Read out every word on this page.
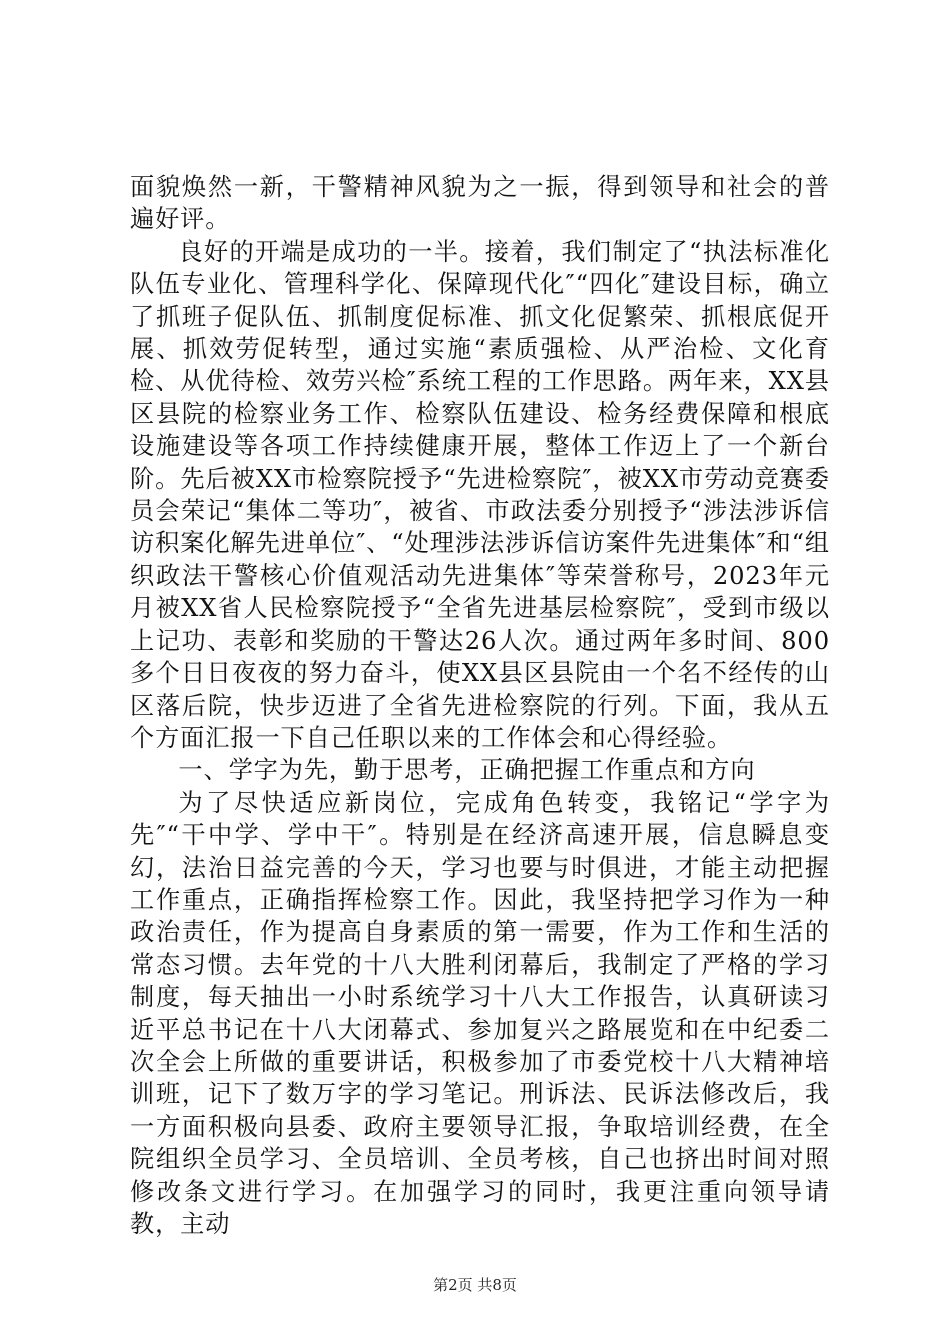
面貌焕然一新，干警精神风貌为之一振，得到领导和社会的普遍好评。

良好的开端是成功的一半。接着，我们制定了“执法标准化队伍专业化、管理科学化、保障现代化″“四化″建设目标，确立了抓班子促队伍、抓制度促标准、抓文化促繁荣、抓根底促开展、抓效劳促转型，通过实施“素质强检、从严治检、文化育检、从优待检、效劳兴检″系统工程的工作思路。两年来，XX县区县院的检察业务工作、检察队伍建设、检务经费保障和根底设施建设等各项工作持续健康开展，整体工作迈上了一个新台阶。先后被XX市检察院授予“先进检察院″，被XX市劳动竞赛委员会荣记“集体二等功″，被省、市政法委分别授予“涉法涉诉信访积案化解先进单位″、“处理涉法涉诉信访案件先进集体″和“组织政法干警核心价值观活动先进集体″等荣誉称号，2023年元月被XX省人民检察院授予“全省先进基层检察院″，受到市级以上记功、表彰和奖励的干警达26人次。通过两年多时间、800多个日日夜夜的努力奋斗，使XX县区县院由一个名不经传的山区落后院，快步迈进了全省先进检察院的行列。下面，我从五个方面汇报一下自己任职以来的工作体会和心得经验。

一、学字为先，勤于思考，正确把握工作重点和方向

为了尽快适应新岗位，完成角色转变，我铭记“学字为先″“干中学、学中干″。特别是在经济高速开展，信息瞬息变幻，法治日益完善的今天，学习也要与时俱进，才能主动把握工作重点，正确指挥检察工作。因此，我坚持把学习作为一种政治责任，作为提高自身素质的第一需要，作为工作和生活的常态习惯。去年党的十八大胜利闭幕后，我制定了严格的学习制度，每天抽出一小时系统学习十八大工作报告，认真研读习近平总书记在十八大闭幕式、参加复兴之路展览和在中纪委二次全会上所做的重要讲话，积极参加了市委党校十八大精神培训班，记下了数万字的学习笔记。刑诉法、民诉法修改后，我一方面积极向县委、政府主要领导汇报，争取培训经费，在全院组织全员学习、全员培训、全员考核，自己也挤出时间对照修改条文进行学习。在加强学习的同时，我更注重向领导请教，主动

第2页 共8页
